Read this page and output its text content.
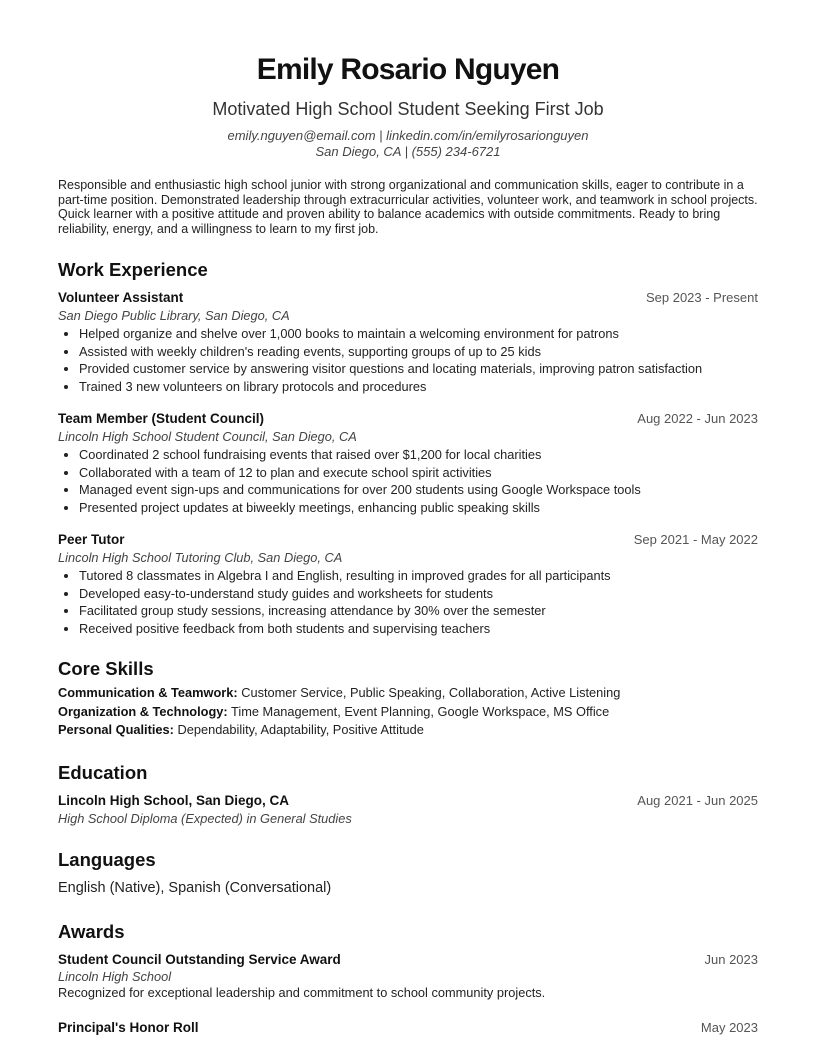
Emily Rosario Nguyen
Motivated High School Student Seeking First Job
emily.nguyen@email.com | linkedin.com/in/emilyrosarionguyen
San Diego, CA | (555) 234-6721
Responsible and enthusiastic high school junior with strong organizational and communication skills, eager to contribute in a part-time position. Demonstrated leadership through extracurricular activities, volunteer work, and teamwork in school projects. Quick learner with a positive attitude and proven ability to balance academics with outside commitments. Ready to bring reliability, energy, and a willingness to learn to my first job.
Work Experience
Volunteer Assistant	Sep 2023 - Present
San Diego Public Library, San Diego, CA
• Helped organize and shelve over 1,000 books to maintain a welcoming environment for patrons
• Assisted with weekly children's reading events, supporting groups of up to 25 kids
• Provided customer service by answering visitor questions and locating materials, improving patron satisfaction
• Trained 3 new volunteers on library protocols and procedures
Team Member (Student Council)	Aug 2022 - Jun 2023
Lincoln High School Student Council, San Diego, CA
• Coordinated 2 school fundraising events that raised over $1,200 for local charities
• Collaborated with a team of 12 to plan and execute school spirit activities
• Managed event sign-ups and communications for over 200 students using Google Workspace tools
• Presented project updates at biweekly meetings, enhancing public speaking skills
Peer Tutor	Sep 2021 - May 2022
Lincoln High School Tutoring Club, San Diego, CA
• Tutored 8 classmates in Algebra I and English, resulting in improved grades for all participants
• Developed easy-to-understand study guides and worksheets for students
• Facilitated group study sessions, increasing attendance by 30% over the semester
• Received positive feedback from both students and supervising teachers
Core Skills
Communication & Teamwork: Customer Service, Public Speaking, Collaboration, Active Listening
Organization & Technology: Time Management, Event Planning, Google Workspace, MS Office
Personal Qualities: Dependability, Adaptability, Positive Attitude
Education
Lincoln High School, San Diego, CA	Aug 2021 - Jun 2025
High School Diploma (Expected) in General Studies
Languages
English (Native), Spanish (Conversational)
Awards
Student Council Outstanding Service Award	Jun 2023
Lincoln High School
Recognized for exceptional leadership and commitment to school community projects.
Principal's Honor Roll	May 2023
